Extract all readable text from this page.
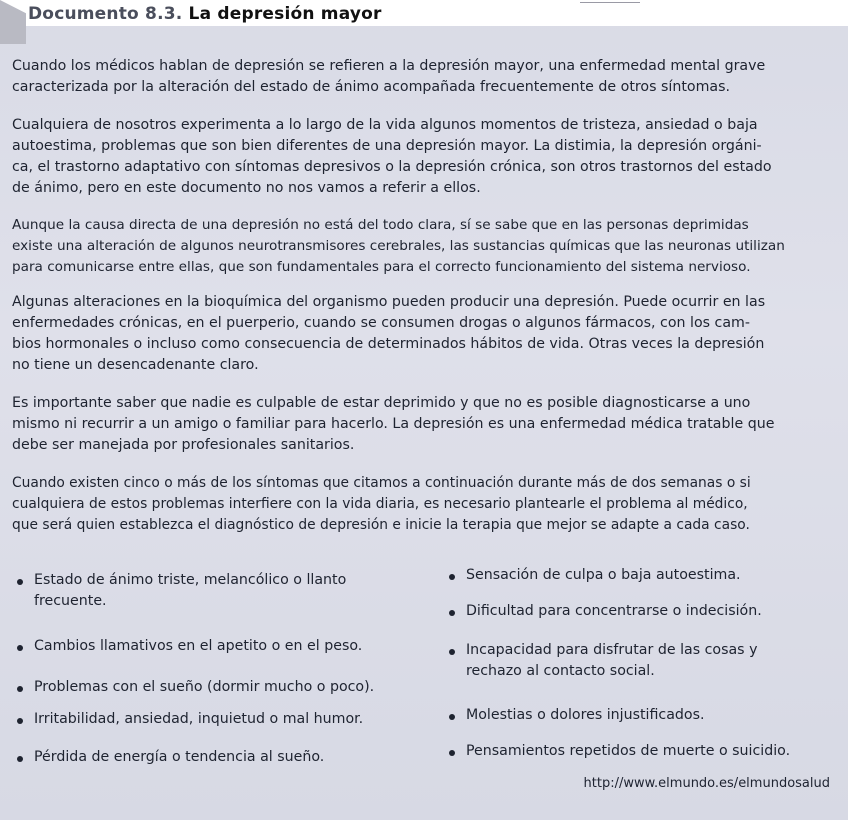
Documento 8.3. La depresión mayor

Cuando los médicos hablan de depresión se refieren a la depresión mayor, una enfermedad mental grave
caracterizada por la alteración del estado de ánimo acompañada frecuentemente de otros síntomas.

Cualquiera de nosotros experimenta a lo largo de la vida algunos momentos de tristeza, ansiedad o baja
autoestima, problemas que son bien diferentes de una depresión mayor. La distimia, la depresión orgáni-
ca, el trastorno adaptativo con síntomas depresivos o la depresión crónica, son otros trastornos del estado
de ánimo, pero en este documento no nos vamos a referir a ellos.

Aunque la causa directa de una depresión no está del todo clara, sí se sabe que en las personas deprimidas
existe una alteración de algunos neurotransmisores cerebrales, las sustancias químicas que las neuronas utilizan
para comunicarse entre ellas, que son fundamentales para el correcto funcionamiento del sistema nervioso.

Algunas alteraciones en la bioquímica del organismo pueden producir una depresión. Puede ocurrir en las
enfermedades crónicas, en el puerperio, cuando se consumen drogas o algunos fármacos, con los cam-
bios hormonales o incluso como consecuencia de determinados hábitos de vida. Otras veces la depresión
no tiene un desencadenante claro.

Es importante saber que nadie es culpable de estar deprimido y que no es posible diagnosticarse a uno
mismo ni recurrir a un amigo o familiar para hacerlo. La depresión es una enfermedad médica tratable que
debe ser manejada por profesionales sanitarios.

Cuando existen cinco o más de los síntomas que citamos a continuación durante más de dos semanas o si
cualquiera de estos problemas interfiere con la vida diaria, es necesario plantearle el problema al médico,
que será quien establezca el diagnóstico de depresión e inicie la terapia que mejor se adapte a cada caso.

Estado de ánimo triste, melancólico o llanto
frecuente.
Cambios llamativos en el apetito o en el peso.
Problemas con el sueño (dormir mucho o poco).
Irritabilidad, ansiedad, inquietud o mal humor.
Pérdida de energía o tendencia al sueño.
Sensación de culpa o baja autoestima.
Dificultad para concentrarse o indecisión.
Incapacidad para disfrutar de las cosas y
rechazo al contacto social.
Molestias o dolores injustificados.
Pensamientos repetidos de muerte o suicidio.
http://www.elmundo.es/elmundosalud
